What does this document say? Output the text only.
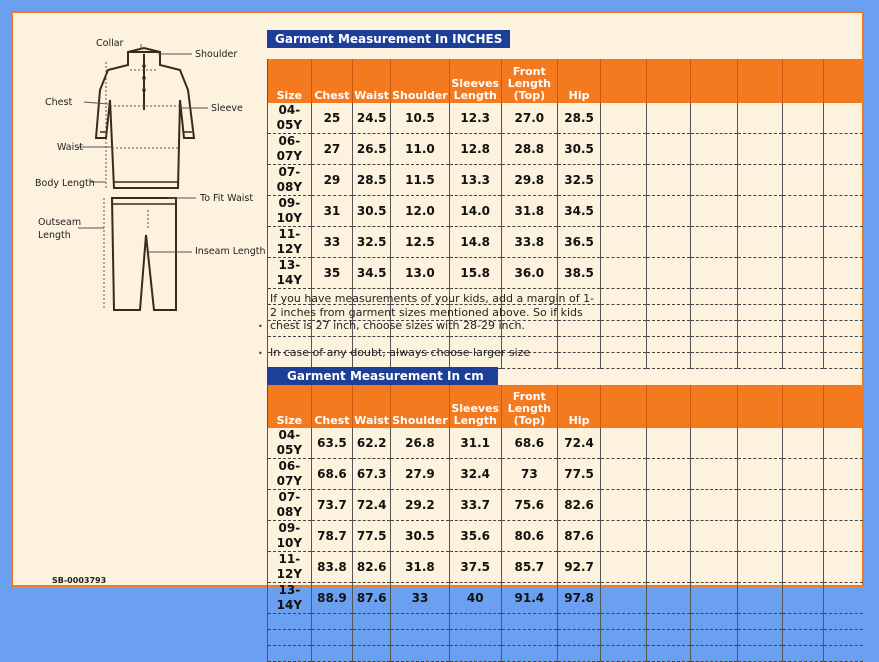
Collar
Shoulder
Chest
Sleeve
Waist
Body Length
To Fit Waist
Outseam Length
Inseam Length
Garment Measurement In INCHES
Size	Chest	Waist	Shoulder	Sleeves Length	Front Length (Top)	Hip						
04-05Y	25	24.5	10.5	12.3	27.0	28.5						
06-07Y	27	26.5	11.0	12.8	28.8	30.5						
07-08Y	29	28.5	11.5	13.3	29.8	32.5						
09-10Y	31	30.5	12.0	14.0	31.8	34.5						
11-12Y	33	32.5	12.5	14.8	33.8	36.5						
13-14Y	35	34.5	13.0	15.8	36.0	38.5						

If you have measurements of your kids, add a margin of 1-2 inches from garment sizes mentioned above. So if kids chest is 27 inch, choose sizes with 28-29 inch.
•
• In case of any doubt, always choose larger size
Garment Measurement In cm
Size	Chest	Waist	Shoulder	Sleeves Length	Front Length (Top)	Hip						
04-05Y	63.5	62.2	26.8	31.1	68.6	72.4						
06-07Y	68.6	67.3	27.9	32.4	73	77.5						
07-08Y	73.7	72.4	29.2	33.7	75.6	82.6						
09-10Y	78.7	77.5	30.5	35.6	80.6	87.6						
11-12Y	83.8	82.6	31.8	37.5	85.7	92.7						
13-14Y	88.9	87.6	33	40	91.4	97.8						

SB-0003793
